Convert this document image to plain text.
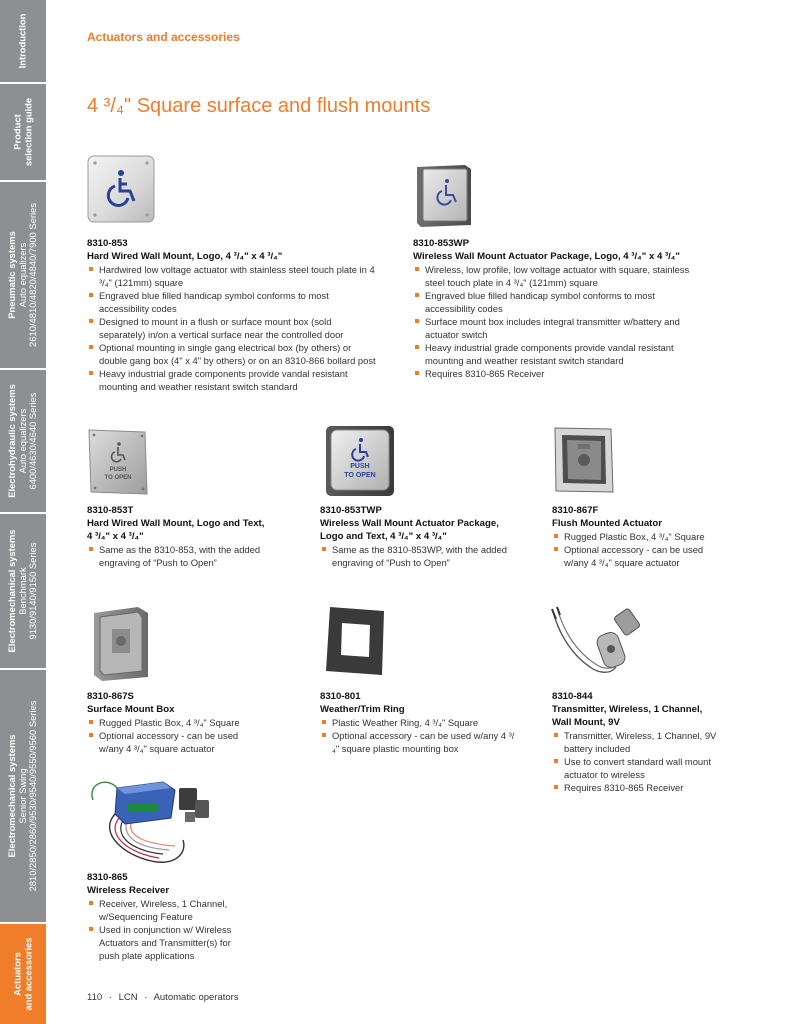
Introduction
Product selection guide
Pneumatic systems Auto equalizers 2610/4810/4820/4840/7900 Series
Electrohydraulic systems Auto equalizers 6400/4630/4640 Series
Electromechanical systems Benchmark 9130/9140/9150 Series
Electromechanical systems Senior Swing 2810/2850/2860/9530/9540/9550/9560 Series
Actuators and accessories
Actuators and accessories
4 ³/₄" Square surface and flush mounts
PUSH
TO OPEN
PUSH
TO OPEN
8310-853
Hard Wired Wall Mount, Logo, 4 ³/₄" x 4 ³/₄"
Hardwired low voltage actuator with stainless steel touch plate in 4 ³/₄" (121mm) square
Engraved blue filled handicap symbol conforms to most accessibility codes
Designed to mount in a flush or surface mount box (sold separately) in/on a vertical surface near the controlled door
Optional mounting in single gang electrical box (by others) or double gang box (4" x 4" by others) or on an 8310-866 bollard post
Heavy industrial grade components provide vandal resistant mounting and weather resistant switch standard
8310-853WP
Wireless Wall Mount Actuator Package, Logo, 4 ³/₄" x 4 ³/₄"
Wireless, low profile, low voltage actuator with square, stainless steel touch plate in 4 ³/₄" (121mm) square
Engraved blue filled handicap symbol conforms to most accessibility codes
Surface mount box includes integral transmitter w/battery and actuator switch
Heavy industrial grade components provide vandal resistant mounting and weather resistant switch standard
Requires 8310-865 Receiver
8310-853T
Hard Wired Wall Mount, Logo and Text, 4 ³/₄" x 4 ³/₄"
Same as the 8310-853, with the added engraving of “Push to Open”
8310-853TWP
Wireless Wall Mount Actuator Package, Logo and Text, 4 ³/₄" x 4 ³/₄"
Same as the 8310-853WP, with the added engraving of “Push to Open”
8310-867F
Flush Mounted Actuator
Rugged Plastic Box, 4 ³/₄" Square
Optional accessory - can be used w/any 4 ³/₄" square actuator
8310-867S
Surface Mount Box
Rugged Plastic Box, 4 ³/₄" Square
Optional accessory - can be used w/any 4 ³/₄" square actuator
8310-801
Weather/Trim Ring
Plastic Weather Ring, 4 ³/₄" Square
Optional accessory - can be used w/any 4 ³/₄" square plastic mounting box
8310-844
Transmitter, Wireless, 1 Channel, Wall Mount, 9V
Transmitter, Wireless, 1 Channel, 9V battery included
Use to convert standard wall mount actuator to wireless
Requires 8310-865 Receiver
8310-865
Wireless Receiver
Receiver, Wireless, 1 Channel, w/Sequencing Feature
Used in conjunction w/ Wireless Actuators and Transmitter(s) for push plate applications
110 · LCN · Automatic operators
